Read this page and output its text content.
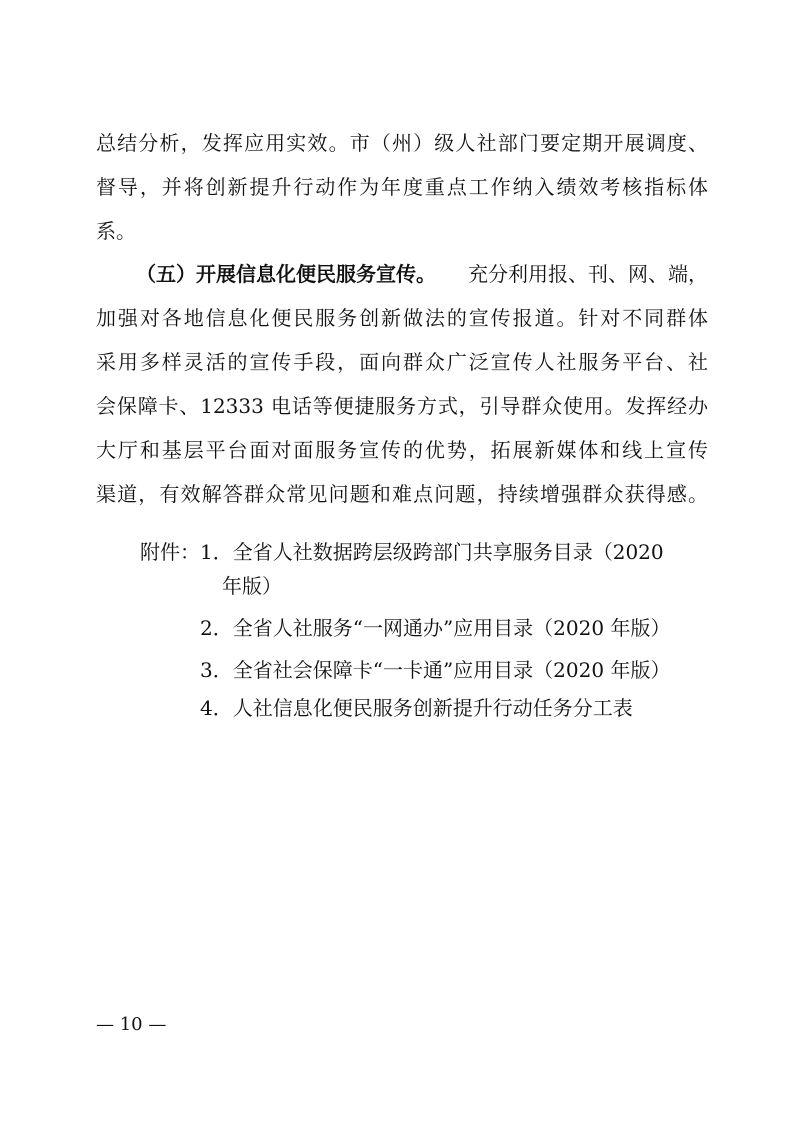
总结分析，发挥应用实效。市（州）级人社部门要定期开展调度、
督导，并将创新提升行动作为年度重点工作纳入绩效考核指标体
系。
（五）开展信息化便民服务宣传。 充分利用报、刊、网、端，
加强对各地信息化便民服务创新做法的宣传报道。针对不同群体
采用多样灵活的宣传手段，面向群众广泛宣传人社服务平台、社
会保障卡、12333 电话等便捷服务方式，引导群众使用。发挥经办
大厅和基层平台面对面服务宣传的优势，拓展新媒体和线上宣传
渠道，有效解答群众常见问题和难点问题，持续增强群众获得感。
附件：1．全省人社数据跨层级跨部门共享服务目录（2020
年版）
2．全省人社服务“一网通办”应用目录（2020 年版）
3．全省社会保障卡“一卡通”应用目录（2020 年版）
4．人社信息化便民服务创新提升行动任务分工表
— 10 —
